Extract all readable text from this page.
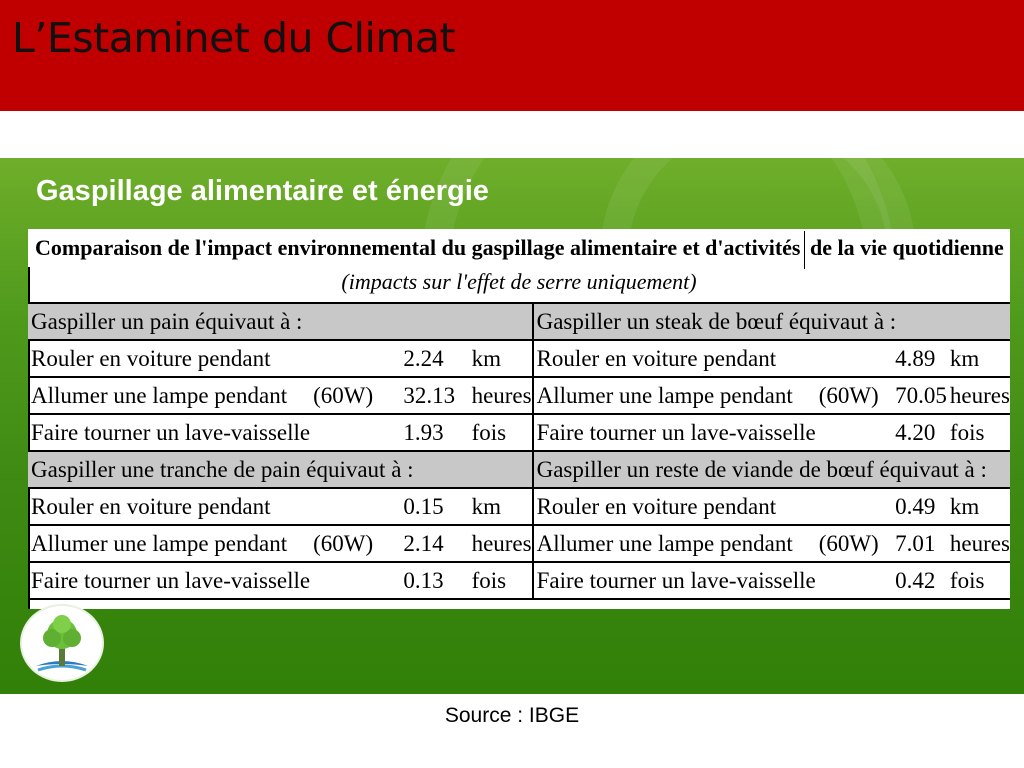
L’Estaminet du Climat
Gaspillage alimentaire et énergie
Comparaison de l'impact environnemental du gaspillage alimentaire et d'activités de la vie quotidienne
(impacts sur l'effet de serre uniquement)
Gaspiller un pain équivaut à :				Gaspiller un steak de bœuf équivaut à :			
Rouler en voiture pendant		2.24	km	Rouler en voiture pendant		4.89	km
Allumer une lampe pendant	(60W)	32.13	heures	Allumer une lampe pendant	(60W)	70.05	heures
Faire tourner un lave-vaisselle		1.93	fois	Faire tourner un lave-vaisselle		4.20	fois
Gaspiller une tranche de pain équivaut à :				Gaspiller un reste de viande de bœuf équivaut à :			
Rouler en voiture pendant		0.15	km	Rouler en voiture pendant		0.49	km
Allumer une lampe pendant	(60W)	2.14	heures	Allumer une lampe pendant	(60W)	7.01	heures
Faire tourner un lave-vaisselle		0.13	fois	Faire tourner un lave-vaisselle		0.42	fois
Source : IBGE
